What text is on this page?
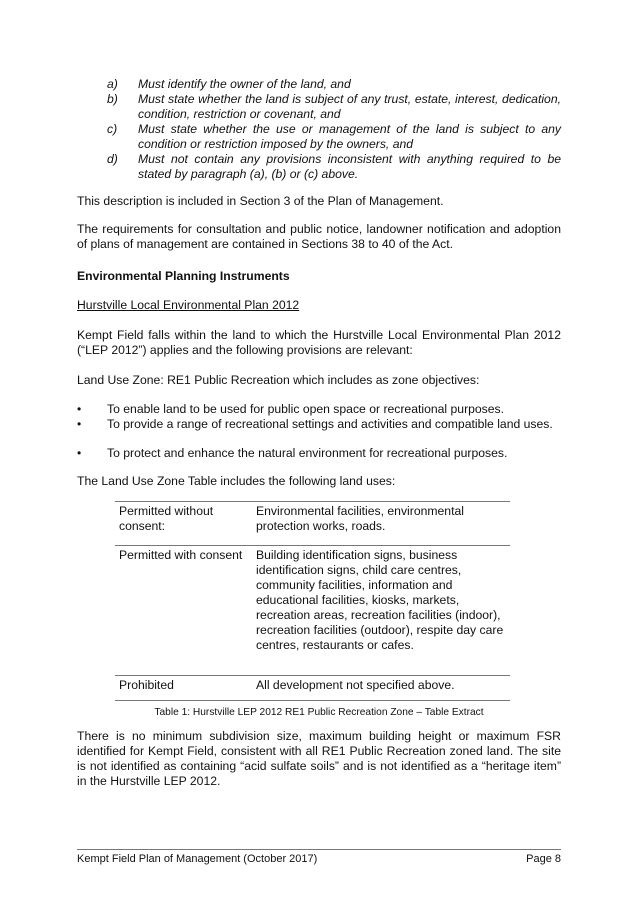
a) Must identify the owner of the land, and

b) Must state whether the land is subject of any trust, estate, interest, dedication, condition, restriction or covenant, and

c) Must state whether the use or management of the land is subject to any condition or restriction imposed by the owners, and

d) Must not contain any provisions inconsistent with anything required to be stated by paragraph (a), (b) or (c) above.

This description is included in Section 3 of the Plan of Management.

The requirements for consultation and public notice, landowner notification and adoption of plans of management are contained in Sections 38 to 40 of the Act.

Environmental Planning Instruments
Hurstville Local Environmental Plan 2012

Kempt Field falls within the land to which the Hurstville Local Environmental Plan 2012 (“LEP 2012”) applies and the following provisions are relevant:

Land Use Zone: RE1 Public Recreation which includes as zone objectives:

• To enable land to be used for public open space or recreational purposes.

• To provide a range of recreational settings and activities and compatible land uses.

• To protect and enhance the natural environment for recreational purposes.

The Land Use Zone Table includes the following land uses:

Permitted without consent:	Environmental facilities, environmental protection works, roads.
Permitted with consent	Building identification signs, business identification signs, child care centres, community facilities, information and educational facilities, kiosks, markets, recreation areas, recreation facilities (indoor), recreation facilities (outdoor), respite day care centres, restaurants or cafes.
Prohibited	All development not specified above.
Table 1: Hurstville LEP 2012 RE1 Public Recreation Zone – Table Extract

There is no minimum subdivision size, maximum building height or maximum FSR identified for Kempt Field, consistent with all RE1 Public Recreation zoned land. The site is not identified as containing “acid sulfate soils” and is not identified as a “heritage item” in the Hurstville LEP 2012.

Kempt Field Plan of Management (October 2017)	Page 8
